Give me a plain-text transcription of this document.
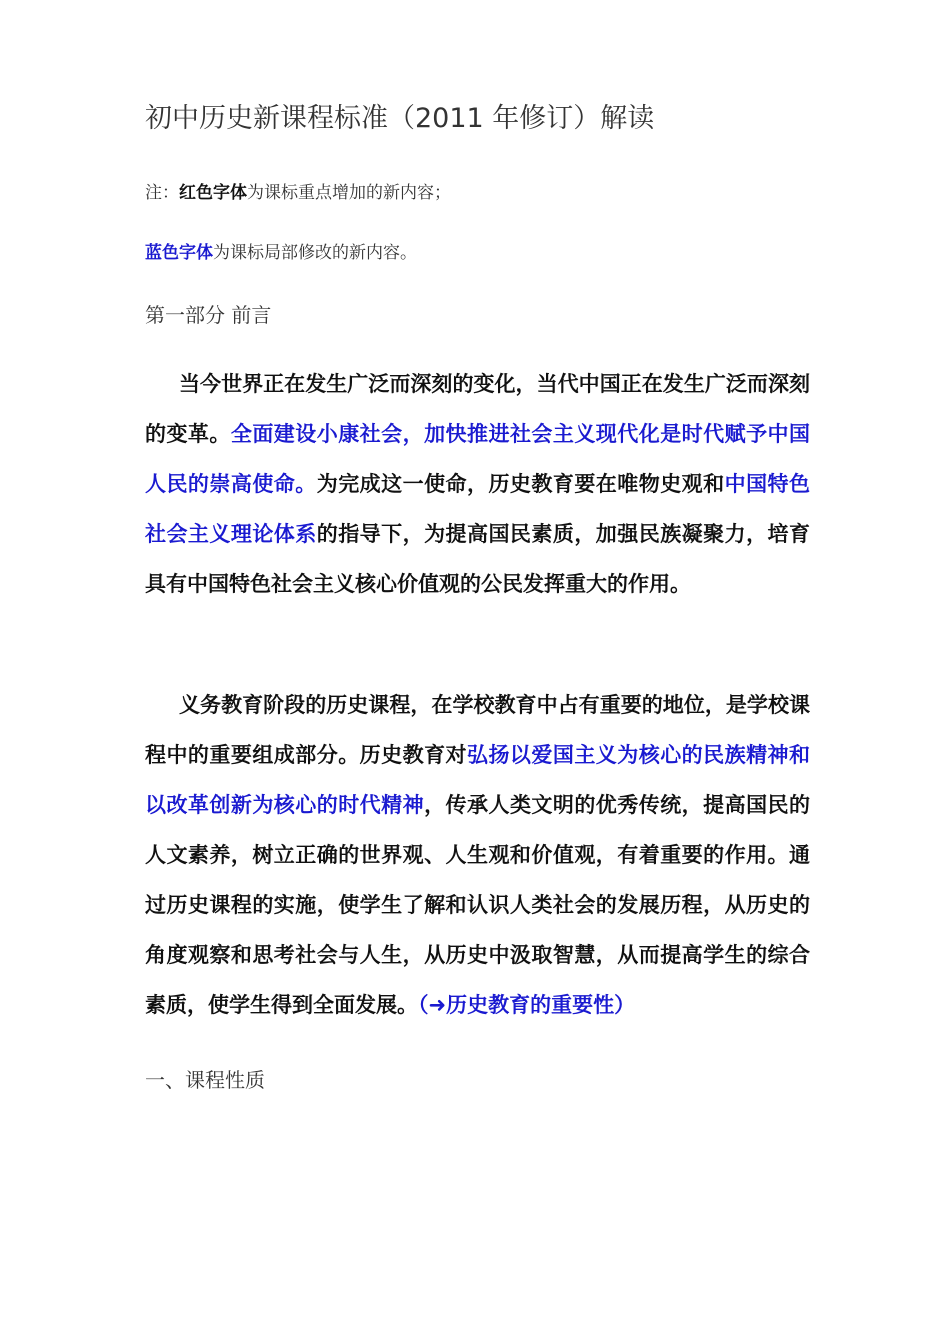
初中历史新课程标准（2011 年修订）解读
注：红色字体为课标重点增加的新内容；
蓝色字体为课标局部修改的新内容。
第一部分 前言

当今世界正在发生广泛而深刻的变化，当代中国正在发生广泛而深刻的变革。全面建设小康社会，加快推进社会主义现代化是时代赋予中国人民的崇高使命。为完成这一使命，历史教育要在唯物史观和中国特色社会主义理论体系的指导下，为提高国民素质，加强民族凝聚力，培育具有中国特色社会主义核心价值观的公民发挥重大的作用。

义务教育阶段的历史课程，在学校教育中占有重要的地位，是学校课程中的重要组成部分。历史教育对弘扬以爱国主义为核心的民族精神和以改革创新为核心的时代精神，传承人类文明的优秀传统，提高国民的人文素养，树立正确的世界观、人生观和价值观，有着重要的作用。通过历史课程的实施，使学生了解和认识人类社会的发展历程，从历史的角度观察和思考社会与人生，从历史中汲取智慧，从而提高学生的综合素质，使学生得到全面发展。（➜历史教育的重要性）

一、课程性质
